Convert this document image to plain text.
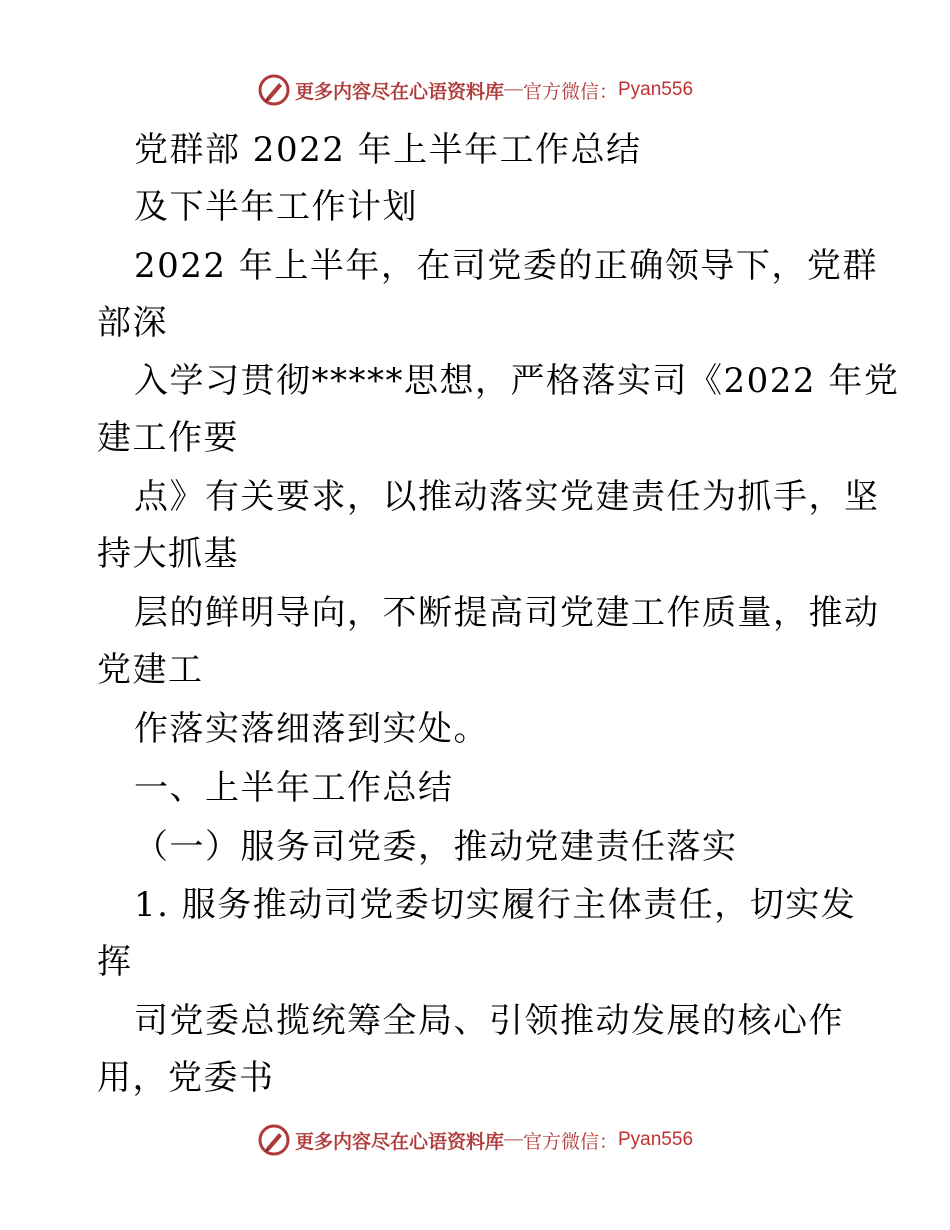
更多内容尽在心语资料库 — 官方微信： Pyan556
党群部 2022 年上半年工作总结
及下半年工作计划
2022 年上半年，在司党委的正确领导下，党群
部深
入学习贯彻*****思想，严格落实司《2022 年党
建工作要
点》有关要求，以推动落实党建责任为抓手，坚
持大抓基
层的鲜明导向，不断提高司党建工作质量，推动
党建工
作落实落细落到实处。
一、上半年工作总结
（一）服务司党委，推动党建责任落实
1. 服务推动司党委切实履行主体责任，切实发
挥
司党委总揽统筹全局、引领推动发展的核心作
用，党委书
更多内容尽在心语资料库 — 官方微信： Pyan556
